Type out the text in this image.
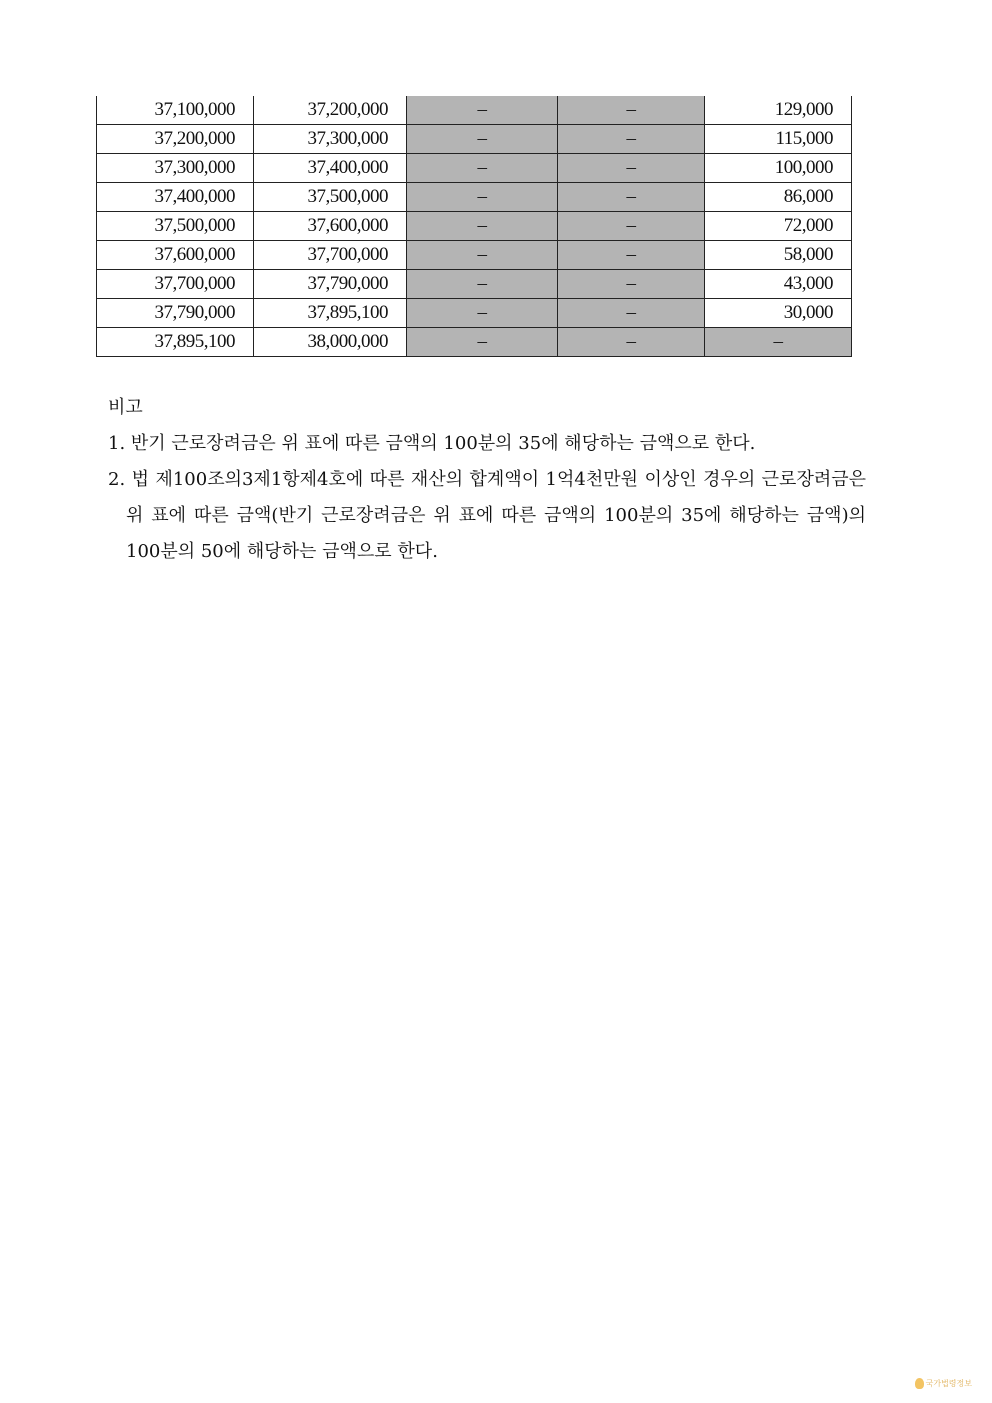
37,100,000	37,200,000	–	–	129,000
37,200,000	37,300,000	–	–	115,000
37,300,000	37,400,000	–	–	100,000
37,400,000	37,500,000	–	–	86,000
37,500,000	37,600,000	–	–	72,000
37,600,000	37,700,000	–	–	58,000
37,700,000	37,790,000	–	–	43,000
37,790,000	37,895,100	–	–	30,000
37,895,100	38,000,000	–	–	–

비고

1. 반기 근로장려금은 위 표에 따른 금액의 100분의 35에 해당하는 금액으로 한다.

2. 법 제100조의3제1항제4호에 따른 재산의 합계액이 1억4천만원 이상인 경우의 근로장려금은 위 표에 따른 금액(반기 근로장려금은 위 표에 따른 금액의 100분의 35에 해당하는 금액)의 100분의 50에 해당하는 금액으로 한다.

국가법령정보
